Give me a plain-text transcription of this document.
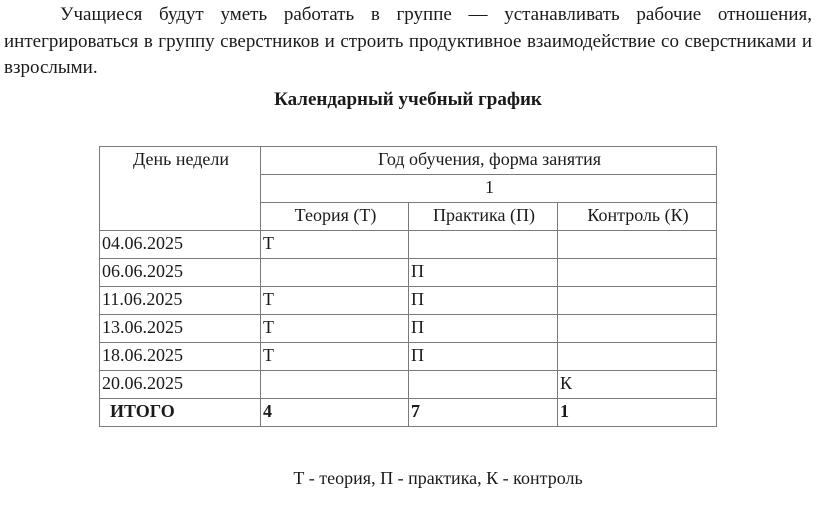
Учащиеся будут уметь работать в группе — устанавливать рабочие отношения, интегрироваться в группу сверстников и строить продуктивное взаимодействие со сверстниками и взрослыми.

Календарный учебный график
День недели	Год обучения, форма занятия		
	1		
	Теория (Т)	Практика (П)	Контроль (К)
04.06.2025	Т		
06.06.2025		П	
11.06.2025	Т	П	
13.06.2025	Т	П	
18.06.2025	Т	П	
20.06.2025			К
ИТОГО	4	7	1

Т - теория, П - практика, К - контроль
